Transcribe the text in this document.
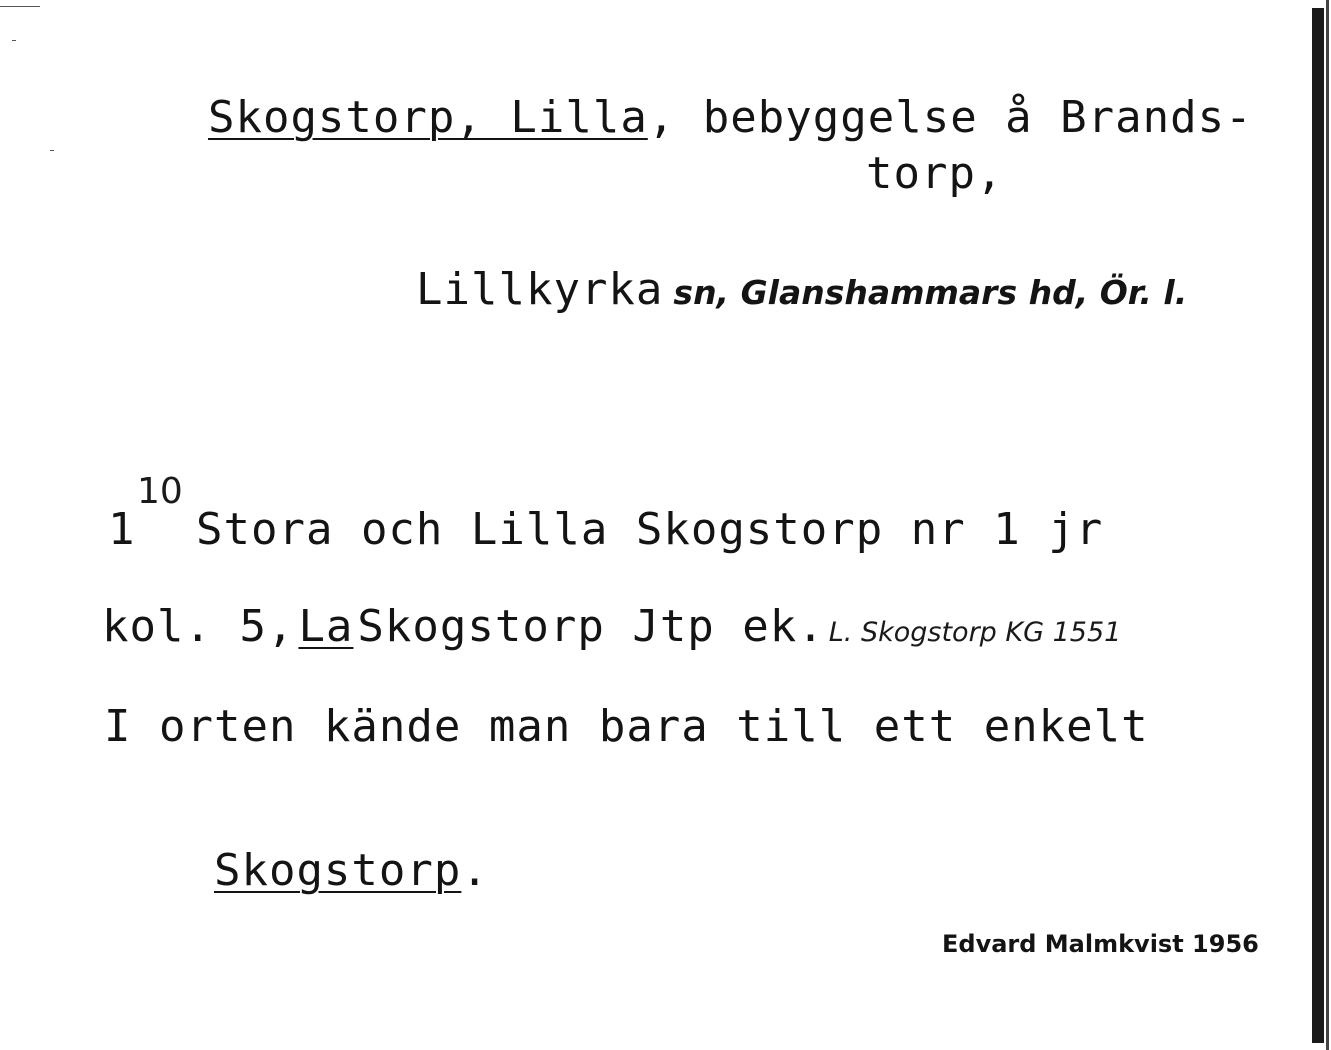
Skogstorp, Lilla, bebyggelse å Brands-

torp,
Lillkyrka sn, Glanshammars hd, Ör. l.
1
10
Stora och Lilla Skogstorp nr 1 jr
kol. 5, La Skogstorp Jtp ek. L. Skogstorp KG 1551
I orten kände man bara till ett enkelt

Skogstorp.

Edvard Malmkvist 1956
